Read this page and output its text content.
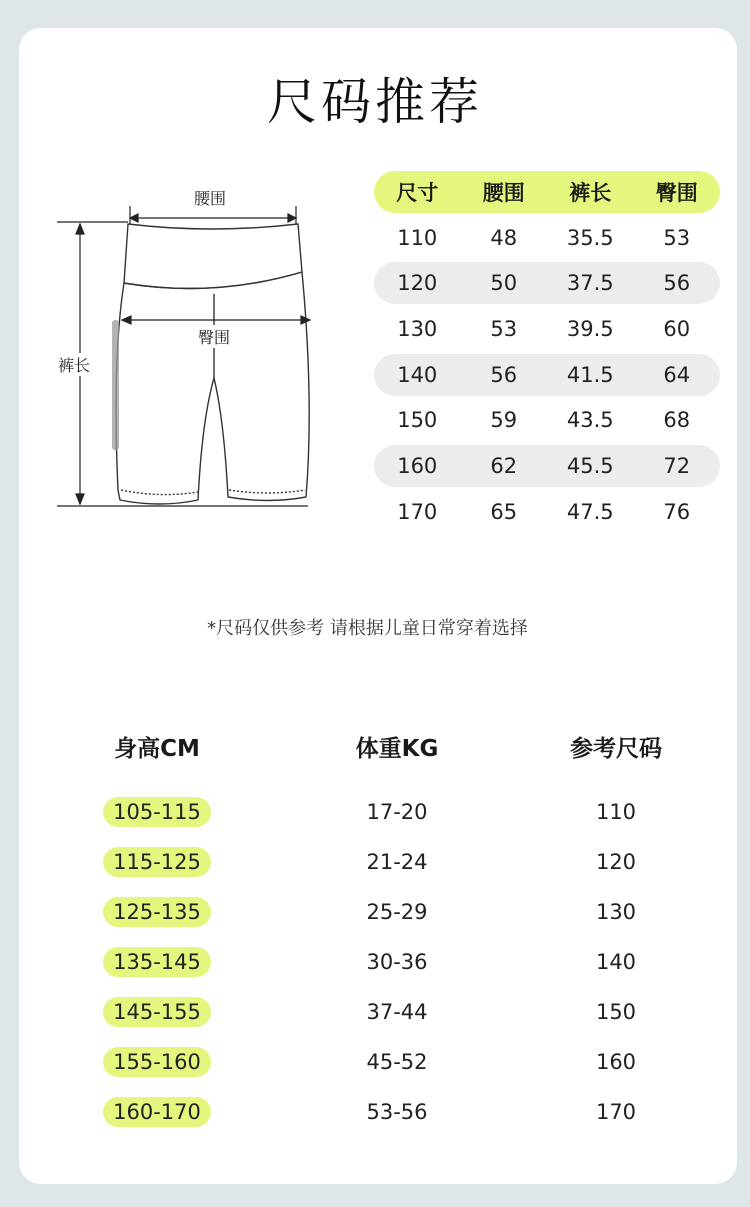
尺码推荐
腰围
臀围
裤长
尺寸	腰围	裤长	臀围
110	48	35.5	53
120	50	37.5	56
130	53	39.5	60
140	56	41.5	64
150	59	43.5	68
160	62	45.5	72
170	65	47.5	76
*尺码仅供参考 请根据儿童日常穿着选择
身高CM	体重KG	参考尺码
105-115	17-20	110
115-125	21-24	120
125-135	25-29	130
135-145	30-36	140
145-155	37-44	150
155-160	45-52	160
160-170	53-56	170
